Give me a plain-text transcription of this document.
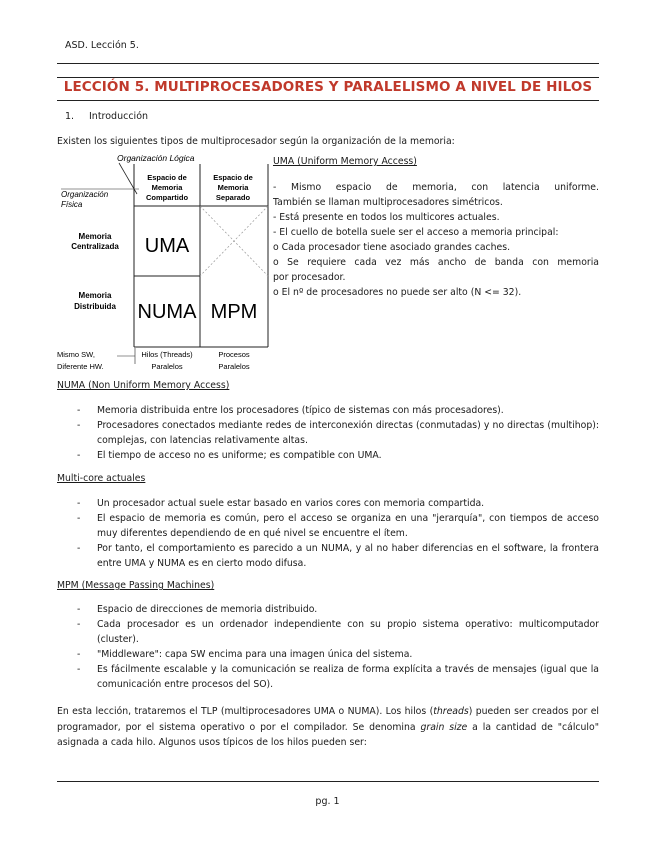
ASD. Lección 5.
LECCIÓN 5. MULTIPROCESADORES Y PARALELISMO A NIVEL DE HILOS
1. Introducción
Existen los siguientes tipos de multiprocesador según la organización de la memoria:
Organización Lógica
Organización
Física
Espacio de
Memoria
Compartido
Espacio de
Memoria
Separado
Memoria
Centralizada
Memoria
Distribuida
UMA
NUMA MPM
Mismo SW,
Diferente HW.
Hilos (Threads)
Paralelos
Procesos
Paralelos
UMA (Uniform Memory Access)
- Mismo espacio de memoria, con latencia uniforme.
También se llaman multiprocesadores simétricos.
- Está presente en todos los multicores actuales.
- El cuello de botella suele ser el acceso a memoria principal:
o Cada procesador tiene asociado grandes caches.
o Se requiere cada vez más ancho de banda con memoria
por procesador.
o El nº de procesadores no puede ser alto (N <= 32).
NUMA (Non Uniform Memory Access)
- Memoria distribuida entre los procesadores (típico de sistemas con más procesadores).
- Procesadores conectados mediante redes de interconexión directas (conmutadas) y no directas (multihop): complejas, con latencias relativamente altas.
- El tiempo de acceso no es uniforme; es compatible con UMA.
Multi-core actuales
- Un procesador actual suele estar basado en varios cores con memoria compartida.
- El espacio de memoria es común, pero el acceso se organiza en una "jerarquía", con tiempos de acceso muy diferentes dependiendo de en qué nivel se encuentre el ítem.
- Por tanto, el comportamiento es parecido a un NUMA, y al no haber diferencias en el software, la frontera entre UMA y NUMA es en cierto modo difusa.
MPM (Message Passing Machines)
- Espacio de direcciones de memoria distribuido.
- Cada procesador es un ordenador independiente con su propio sistema operativo: multicomputador (cluster).
- "Middleware": capa SW encima para una imagen única del sistema.
- Es fácilmente escalable y la comunicación se realiza de forma explícita a través de mensajes (igual que la comunicación entre procesos del SO).
En esta lección, trataremos el TLP (multiprocesadores UMA o NUMA). Los hilos (threads) pueden ser creados por el programador, por el sistema operativo o por el compilador. Se denomina grain size a la cantidad de "cálculo" asignada a cada hilo. Algunos usos típicos de los hilos pueden ser:
pg. 1
